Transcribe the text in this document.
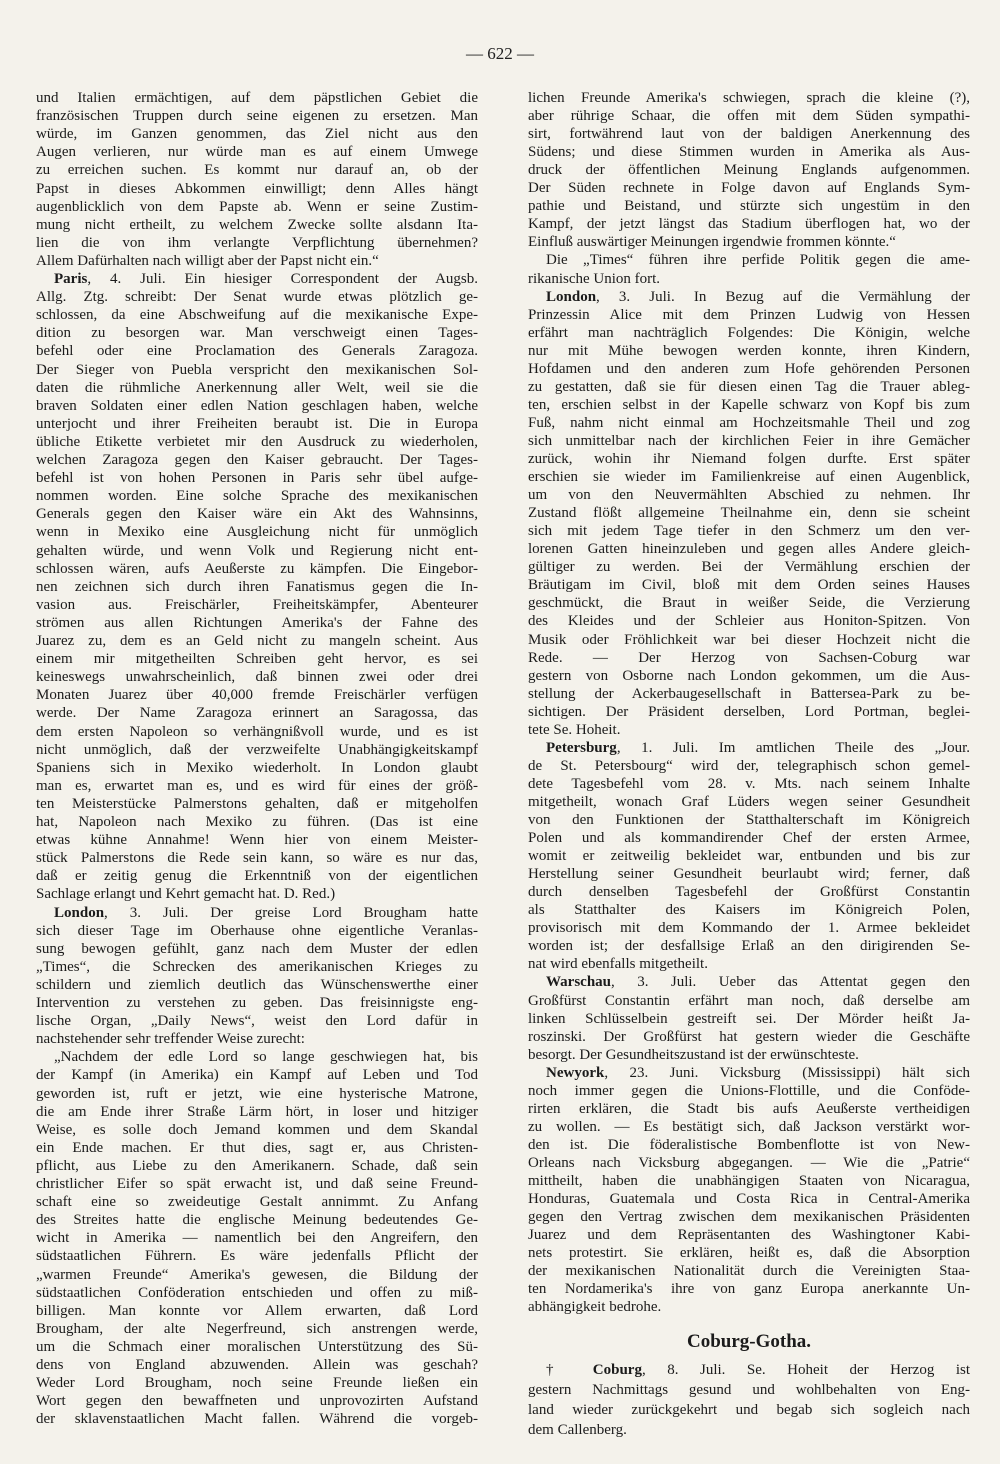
— 622 —
Coburg-Gotha.
und Italien ermächtigen, auf dem päpstlichen Gebiet die
französischen Truppen durch seine eigenen zu ersetzen. Man
würde, im Ganzen genommen, das Ziel nicht aus den
Augen verlieren, nur würde man es auf einem Umwege
zu erreichen suchen. Es kommt nur darauf an, ob der
Papst in dieses Abkommen einwilligt; denn Alles hängt
augenblicklich von dem Papste ab. Wenn er seine Zustim-
mung nicht ertheilt, zu welchem Zwecke sollte alsdann Ita-
lien die von ihm verlangte Verpflichtung übernehmen?
Allem Dafürhalten nach willigt aber der Papst nicht ein.“
Paris, 4. Juli. Ein hiesiger Correspondent der Augsb.
Allg. Ztg. schreibt: Der Senat wurde etwas plötzlich ge-
schlossen, da eine Abschweifung auf die mexikanische Expe-
dition zu besorgen war. Man verschweigt einen Tages-
befehl oder eine Proclamation des Generals Zaragoza.
Der Sieger von Puebla verspricht den mexikanischen Sol-
daten die rühmliche Anerkennung aller Welt, weil sie die
braven Soldaten einer edlen Nation geschlagen haben, welche
unterjocht und ihrer Freiheiten beraubt ist. Die in Europa
übliche Etikette verbietet mir den Ausdruck zu wiederholen,
welchen Zaragoza gegen den Kaiser gebraucht. Der Tages-
befehl ist von hohen Personen in Paris sehr übel aufge-
nommen worden. Eine solche Sprache des mexikanischen
Generals gegen den Kaiser wäre ein Akt des Wahnsinns,
wenn in Mexiko eine Ausgleichung nicht für unmöglich
gehalten würde, und wenn Volk und Regierung nicht ent-
schlossen wären, aufs Aeußerste zu kämpfen. Die Eingebor-
nen zeichnen sich durch ihren Fanatismus gegen die In-
vasion aus. Freischärler, Freiheitskämpfer, Abenteurer
strömen aus allen Richtungen Amerika's der Fahne des
Juarez zu, dem es an Geld nicht zu mangeln scheint. Aus
einem mir mitgetheilten Schreiben geht hervor, es sei
keineswegs unwahrscheinlich, daß binnen zwei oder drei
Monaten Juarez über 40,000 fremde Freischärler verfügen
werde. Der Name Zaragoza erinnert an Saragossa, das
dem ersten Napoleon so verhängnißvoll wurde, und es ist
nicht unmöglich, daß der verzweifelte Unabhängigkeitskampf
Spaniens sich in Mexiko wiederholt. In London glaubt
man es, erwartet man es, und es wird für eines der größ-
ten Meisterstücke Palmerstons gehalten, daß er mitgeholfen
hat, Napoleon nach Mexiko zu führen. (Das ist eine
etwas kühne Annahme! Wenn hier von einem Meister-
stück Palmerstons die Rede sein kann, so wäre es nur das,
daß er zeitig genug die Erkenntniß von der eigentlichen
Sachlage erlangt und Kehrt gemacht hat. D. Red.)
London, 3. Juli. Der greise Lord Brougham hatte
sich dieser Tage im Oberhause ohne eigentliche Veranlas-
sung bewogen gefühlt, ganz nach dem Muster der edlen
„Times“, die Schrecken des amerikanischen Krieges zu
schildern und ziemlich deutlich das Wünschenswerthe einer
Intervention zu verstehen zu geben. Das freisinnigste eng-
lische Organ, „Daily News“, weist den Lord dafür in
nachstehender sehr treffender Weise zurecht:
„Nachdem der edle Lord so lange geschwiegen hat, bis
der Kampf (in Amerika) ein Kampf auf Leben und Tod
geworden ist, ruft er jetzt, wie eine hysterische Matrone,
die am Ende ihrer Straße Lärm hört, in loser und hitziger
Weise, es solle doch Jemand kommen und dem Skandal
ein Ende machen. Er thut dies, sagt er, aus Christen-
pflicht, aus Liebe zu den Amerikanern. Schade, daß sein
christlicher Eifer so spät erwacht ist, und daß seine Freund-
schaft eine so zweideutige Gestalt annimmt. Zu Anfang
des Streites hatte die englische Meinung bedeutendes Ge-
wicht in Amerika — namentlich bei den Angreifern, den
südstaatlichen Führern. Es wäre jedenfalls Pflicht der
„warmen Freunde“ Amerika's gewesen, die Bildung der
südstaatlichen Conföderation entschieden und offen zu miß-
billigen. Man konnte vor Allem erwarten, daß Lord
Brougham, der alte Negerfreund, sich anstrengen werde,
um die Schmach einer moralischen Unterstützung des Sü-
dens von England abzuwenden. Allein was geschah?
Weder Lord Brougham, noch seine Freunde ließen ein
Wort gegen den bewaffneten und unprovozirten Aufstand
der sklavenstaatlichen Macht fallen. Während die vorgeb-
lichen Freunde Amerika's schwiegen, sprach die kleine (?),
aber rührige Schaar, die offen mit dem Süden sympathi-
sirt, fortwährend laut von der baldigen Anerkennung des
Südens; und diese Stimmen wurden in Amerika als Aus-
druck der öffentlichen Meinung Englands aufgenommen.
Der Süden rechnete in Folge davon auf Englands Sym-
pathie und Beistand, und stürzte sich ungestüm in den
Kampf, der jetzt längst das Stadium überflogen hat, wo der
Einfluß auswärtiger Meinungen irgendwie frommen könnte.“
Die „Times“ führen ihre perfide Politik gegen die ame-
rikanische Union fort.
London, 3. Juli. In Bezug auf die Vermählung der
Prinzessin Alice mit dem Prinzen Ludwig von Hessen
erfährt man nachträglich Folgendes: Die Königin, welche
nur mit Mühe bewogen werden konnte, ihren Kindern,
Hofdamen und den anderen zum Hofe gehörenden Personen
zu gestatten, daß sie für diesen einen Tag die Trauer ableg-
ten, erschien selbst in der Kapelle schwarz von Kopf bis zum
Fuß, nahm nicht einmal am Hochzeitsmahle Theil und zog
sich unmittelbar nach der kirchlichen Feier in ihre Gemächer
zurück, wohin ihr Niemand folgen durfte. Erst später
erschien sie wieder im Familienkreise auf einen Augenblick,
um von den Neuvermählten Abschied zu nehmen. Ihr
Zustand flößt allgemeine Theilnahme ein, denn sie scheint
sich mit jedem Tage tiefer in den Schmerz um den ver-
lorenen Gatten hineinzuleben und gegen alles Andere gleich-
gültiger zu werden. Bei der Vermählung erschien der
Bräutigam im Civil, bloß mit dem Orden seines Hauses
geschmückt, die Braut in weißer Seide, die Verzierung
des Kleides und der Schleier aus Honiton-Spitzen. Von
Musik oder Fröhlichkeit war bei dieser Hochzeit nicht die
Rede. — Der Herzog von Sachsen-Coburg war
gestern von Osborne nach London gekommen, um die Aus-
stellung der Ackerbaugesellschaft in Battersea-Park zu be-
sichtigen. Der Präsident derselben, Lord Portman, beglei-
tete Se. Hoheit.
Petersburg, 1. Juli. Im amtlichen Theile des „Jour.
de St. Petersbourg“ wird der, telegraphisch schon gemel-
dete Tagesbefehl vom 28. v. Mts. nach seinem Inhalte
mitgetheilt, wonach Graf Lüders wegen seiner Gesundheit
von den Funktionen der Statthalterschaft im Königreich
Polen und als kommandirender Chef der ersten Armee,
womit er zeitweilig bekleidet war, entbunden und bis zur
Herstellung seiner Gesundheit beurlaubt wird; ferner, daß
durch denselben Tagesbefehl der Großfürst Constantin
als Statthalter des Kaisers im Königreich Polen,
provisorisch mit dem Kommando der 1. Armee bekleidet
worden ist; der desfallsige Erlaß an den dirigirenden Se-
nat wird ebenfalls mitgetheilt.
Warschau, 3. Juli. Ueber das Attentat gegen den
Großfürst Constantin erfährt man noch, daß derselbe am
linken Schlüsselbein gestreift sei. Der Mörder heißt Ja-
roszinski. Der Großfürst hat gestern wieder die Geschäfte
besorgt. Der Gesundheitszustand ist der erwünschteste.
Newyork, 23. Juni. Vicksburg (Mississippi) hält sich
noch immer gegen die Unions-Flottille, und die Conföde-
rirten erklären, die Stadt bis aufs Aeußerste vertheidigen
zu wollen. — Es bestätigt sich, daß Jackson verstärkt wor-
den ist. Die föderalistische Bombenflotte ist von New-
Orleans nach Vicksburg abgegangen. — Wie die „Patrie“
mittheilt, haben die unabhängigen Staaten von Nicaragua,
Honduras, Guatemala und Costa Rica in Central-Amerika
gegen den Vertrag zwischen dem mexikanischen Präsidenten
Juarez und dem Repräsentanten des Washingtoner Kabi-
nets protestirt. Sie erklären, heißt es, daß die Absorption
der mexikanischen Nationalität durch die Vereinigten Staa-
ten Nordamerika's ihre von ganz Europa anerkannte Un-
abhängigkeit bedrohe.
† Coburg, 8. Juli. Se. Hoheit der Herzog ist
gestern Nachmittags gesund und wohlbehalten von Eng-
land wieder zurückgekehrt und begab sich sogleich nach
dem Callenberg.
